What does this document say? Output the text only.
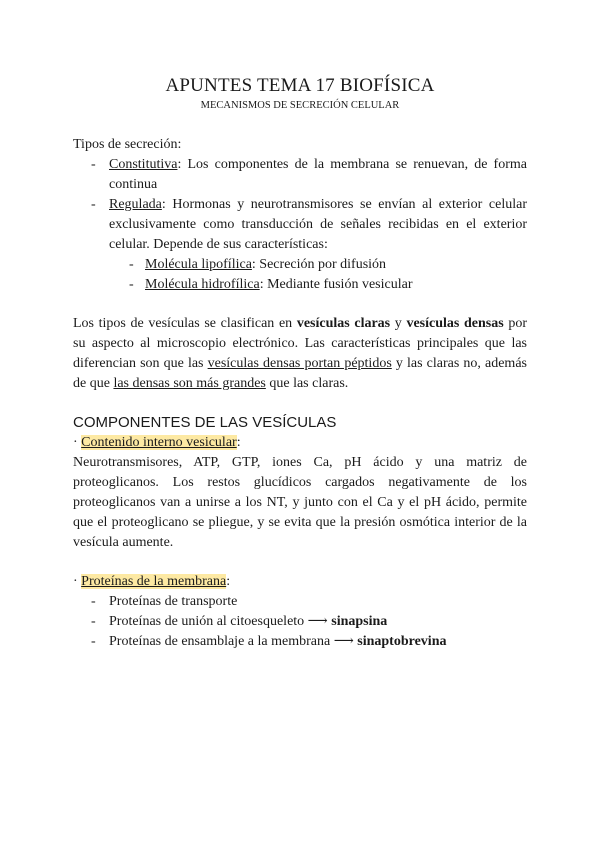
APUNTES TEMA 17 BIOFÍSICA
MECANISMOS DE SECRECIÓN CELULAR
Tipos de secreción:
- Constitutiva: Los componentes de la membrana se renuevan, de forma continua
- Regulada: Hormonas y neurotransmisores se envían al exterior celular exclusivamente como transducción de señales recibidas en el exterior celular. Depende de sus características:
- Molécula lipofílica: Secreción por difusión
- Molécula hidrofílica: Mediante fusión vesicular
Los tipos de vesículas se clasifican en vesículas claras y vesículas densas por su aspecto al microscopio electrónico. Las características principales que las diferencian son que las vesículas densas portan péptidos y las claras no, además de que las densas son más grandes que las claras.
COMPONENTES DE LAS VESÍCULAS
· Contenido interno vesicular:
Neurotransmisores, ATP, GTP, iones Ca, pH ácido y una matriz de proteoglicanos. Los restos glucídicos cargados negativamente de los proteoglicanos van a unirse a los NT, y junto con el Ca y el pH ácido, permite que el proteoglicano se pliegue, y se evita que la presión osmótica interior de la vesícula aumente.
· Proteínas de la membrana:
- Proteínas de transporte
- Proteínas de unión al citoesqueleto ⟶ sinapsina
- Proteínas de ensamblaje a la membrana ⟶ sinaptobrevina
